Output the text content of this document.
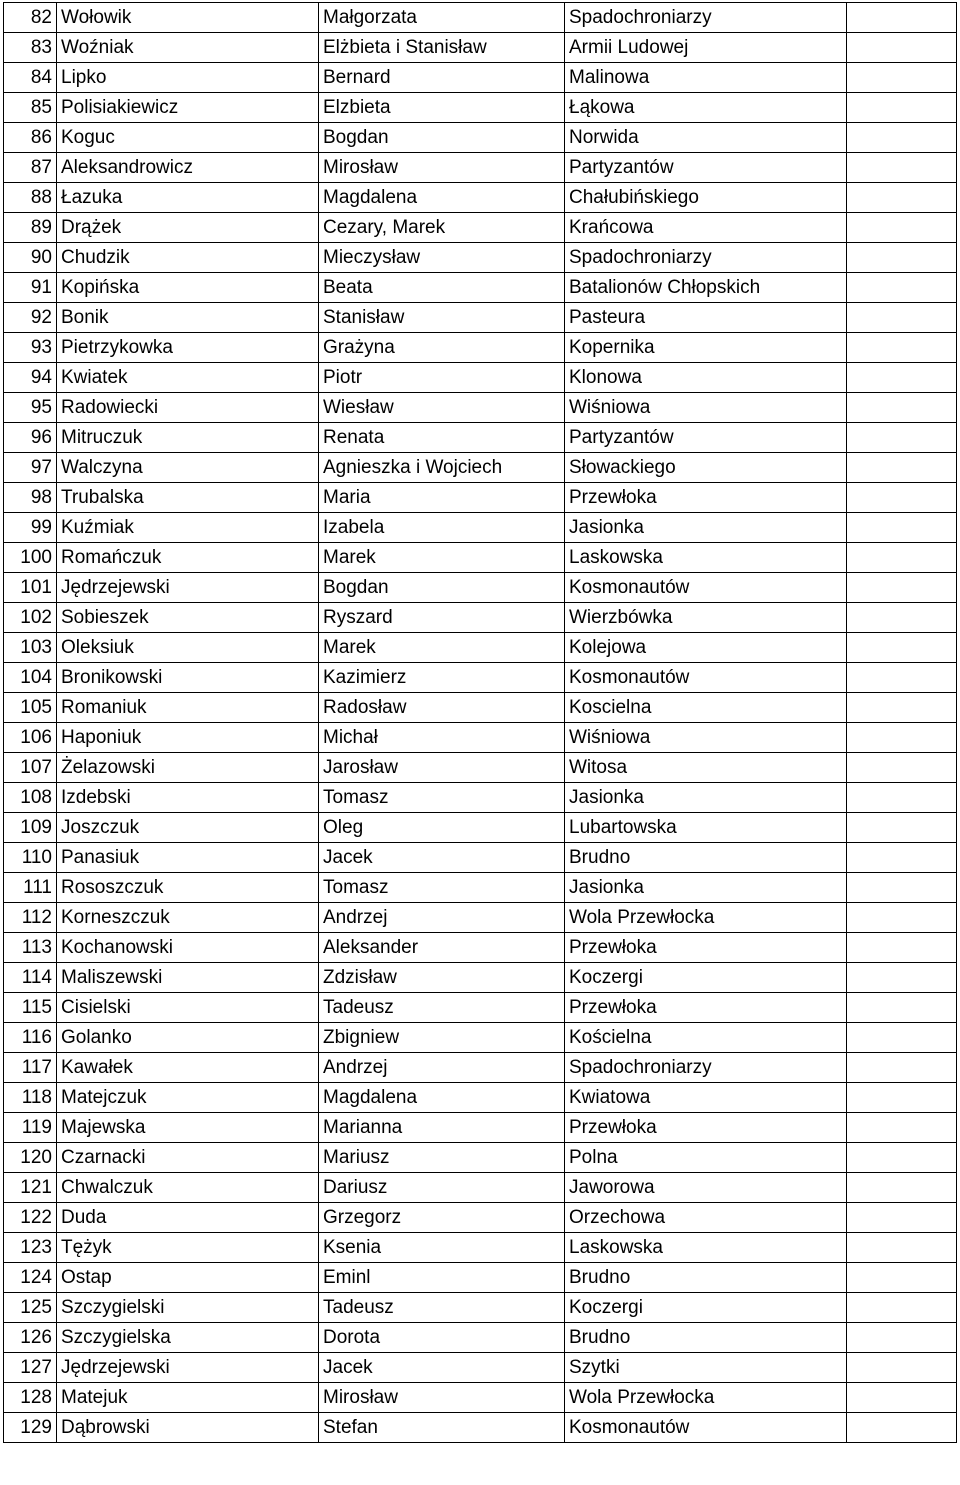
82	Wołowik	Małgorzata	Spadochroniarzy	
83	Woźniak	Elżbieta i Stanisław	Armii Ludowej	
84	Lipko	Bernard	Malinowa	
85	Polisiakiewicz	Elzbieta	Łąkowa	
86	Koguc	Bogdan	Norwida	
87	Aleksandrowicz	Mirosław	Partyzantów	
88	Łazuka	Magdalena	Chałubińskiego	
89	Drążek	Cezary, Marek	Krańcowa	
90	Chudzik	Mieczysław	Spadochroniarzy	
91	Kopińska	Beata	Batalionów Chłopskich	
92	Bonik	Stanisław	Pasteura	
93	Pietrzykowka	Grażyna	Kopernika	
94	Kwiatek	Piotr	Klonowa	
95	Radowiecki	Wiesław	Wiśniowa	
96	Mitruczuk	Renata	Partyzantów	
97	Walczyna	Agnieszka i Wojciech	Słowackiego	
98	Trubalska	Maria	Przewłoka	
99	Kuźmiak	Izabela	Jasionka	
100	Romańczuk	Marek	Laskowska	
101	Jędrzejewski	Bogdan	Kosmonautów	
102	Sobieszek	Ryszard	Wierzbówka	
103	Oleksiuk	Marek	Kolejowa	
104	Bronikowski	Kazimierz	Kosmonautów	
105	Romaniuk	Radosław	Koscielna	
106	Haponiuk	Michał	Wiśniowa	
107	Żelazowski	Jarosław	Witosa	
108	Izdebski	Tomasz	Jasionka	
109	Joszczuk	Oleg	Lubartowska	
110	Panasiuk	Jacek	Brudno	
111	Rososzczuk	Tomasz	Jasionka	
112	Korneszczuk	Andrzej	Wola Przewłocka	
113	Kochanowski	Aleksander	Przewłoka	
114	Maliszewski	Zdzisław	Koczergi	
115	Cisielski	Tadeusz	Przewłoka	
116	Golanko	Zbigniew	Kościelna	
117	Kawałek	Andrzej	Spadochroniarzy	
118	Matejczuk	Magdalena	Kwiatowa	
119	Majewska	Marianna	Przewłoka	
120	Czarnacki	Mariusz	Polna	
121	Chwalczuk	Dariusz	Jaworowa	
122	Duda	Grzegorz	Orzechowa	
123	Tężyk	Ksenia	Laskowska	
124	Ostap	Eminl	Brudno	
125	Szczygielski	Tadeusz	Koczergi	
126	Szczygielska	Dorota	Brudno	
127	Jędrzejewski	Jacek	Szytki	
128	Matejuk	Mirosław	Wola Przewłocka	
129	Dąbrowski	Stefan	Kosmonautów	
